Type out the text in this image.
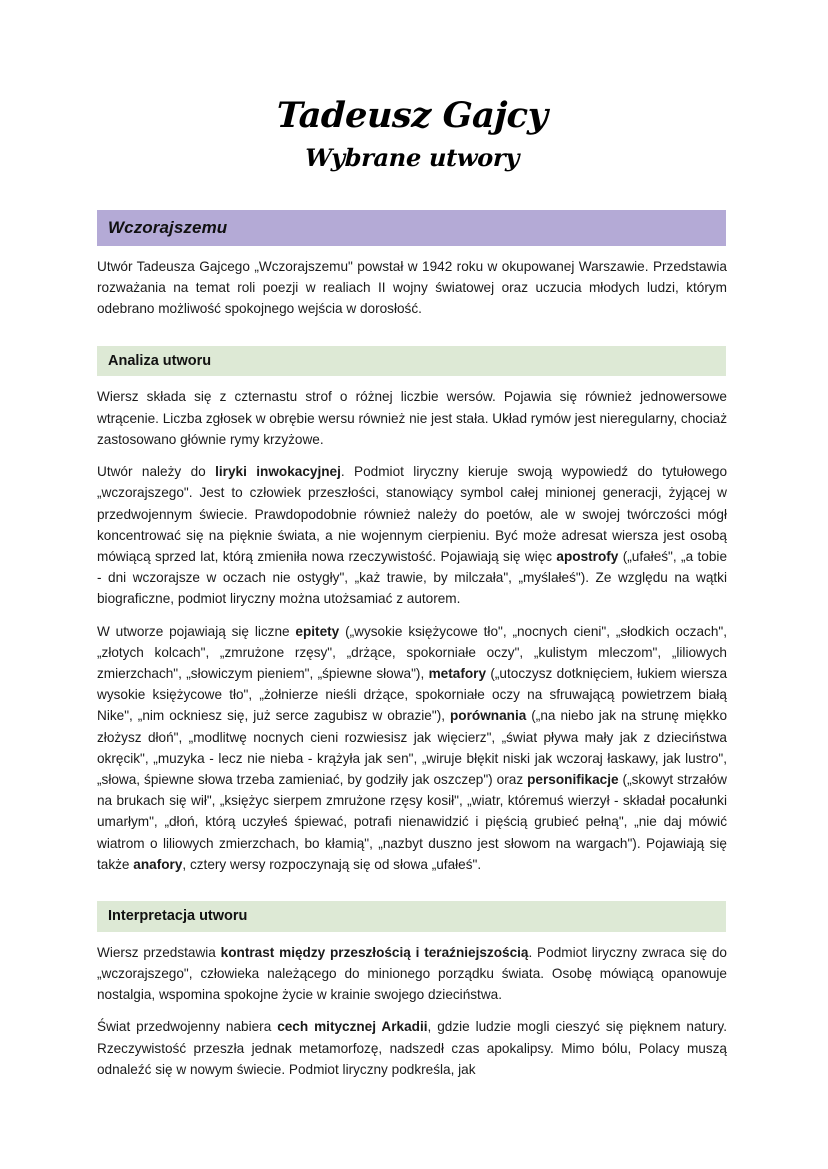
Tadeusz Gajcy
Wybrane utwory
Wczorajszemu

Utwór Tadeusza Gajcego „Wczorajszemu" powstał w 1942 roku w okupowanej Warszawie. Przedstawia rozważania na temat roli poezji w realiach II wojny światowej oraz uczucia młodych ludzi, którym odebrano możliwość spokojnego wejścia w dorosłość.

Analiza utworu

Wiersz składa się z czternastu strof o różnej liczbie wersów. Pojawia się również jednowersowe wtrącenie. Liczba zgłosek w obrębie wersu również nie jest stała. Układ rymów jest nieregularny, chociaż zastosowano głównie rymy krzyżowe.

Utwór należy do liryki inwokacyjnej. Podmiot liryczny kieruje swoją wypowiedź do tytułowego „wczorajszego". Jest to człowiek przeszłości, stanowiący symbol całej minionej generacji, żyjącej w przedwojennym świecie. Prawdopodobnie również należy do poetów, ale w swojej twórczości mógł koncentrować się na pięknie świata, a nie wojennym cierpieniu. Być może adresat wiersza jest osobą mówiącą sprzed lat, którą zmieniła nowa rzeczywistość. Pojawiają się więc apostrofy („ufałeś", „a tobie - dni wczorajsze w oczach nie ostygły", „każ trawie, by milczała", „myślałeś"). Ze względu na wątki biograficzne, podmiot liryczny można utożsamiać z autorem.

W utworze pojawiają się liczne epitety („wysokie księżycowe tło", „nocnych cieni", „słodkich oczach", „złotych kolcach", „zmrużone rzęsy", „drżące, spokorniałe oczy", „kulistym mleczom", „liliowych zmierzchach", „słowiczym pieniem", „śpiewne słowa"), metafory („utoczysz dotknięciem, łukiem wiersza wysokie księżycowe tło", „żołnierze nieśli drżące, spokorniałe oczy na sfruwającą powietrzem białą Nike", „nim ockniesz się, już serce zagubisz w obrazie"), porównania („na niebo jak na strunę miękko złożysz dłoń", „modlitwę nocnych cieni rozwiesisz jak więcierz", „świat pływa mały jak z dzieciństwa okręcik", „muzyka - lecz nie nieba - krążyła jak sen", „wiruje błękit niski jak wczoraj łaskawy, jak lustro", „słowa, śpiewne słowa trzeba zamieniać, by godziły jak oszczep") oraz personifikacje („skowyt strzałów na brukach się wił", „księżyc sierpem zmrużone rzęsy kosił", „wiatr, któremuś wierzył - składał pocałunki umarłym", „dłoń, którą uczyłeś śpiewać, potrafi nienawidzić i pięścią grubieć pełną", „nie daj mówić wiatrom o liliowych zmierzchach, bo kłamią", „nazbyt duszno jest słowom na wargach"). Pojawiają się także anafory, cztery wersy rozpoczynają się od słowa „ufałeś".

Interpretacja utworu

Wiersz przedstawia kontrast między przeszłością i teraźniejszością. Podmiot liryczny zwraca się do „wczorajszego", człowieka należącego do minionego porządku świata. Osobę mówiącą opanowuje nostalgia, wspomina spokojne życie w krainie swojego dzieciństwa.

Świat przedwojenny nabiera cech mitycznej Arkadii, gdzie ludzie mogli cieszyć się pięknem natury. Rzeczywistość przeszła jednak metamorfozę, nadszedł czas apokalipsy. Mimo bólu, Polacy muszą odnaleźć się w nowym świecie. Podmiot liryczny podkreśla, jak
